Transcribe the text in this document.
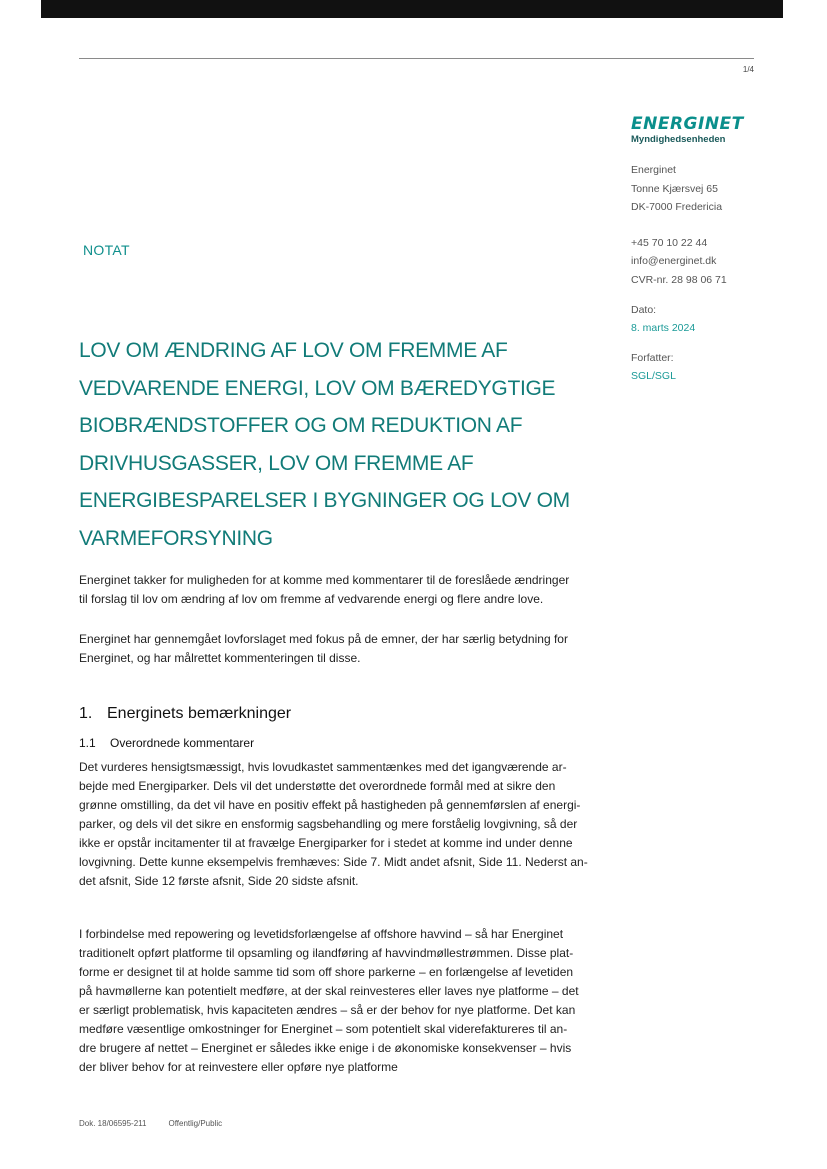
1/4
ENERGINET
Myndighedsenheden
Energinet
Tonne Kjærsvej 65
DK-7000 Fredericia
+45 70 10 22 44
info@energinet.dk
CVR-nr. 28 98 06 71
Dato:
8. marts 2024
Forfatter:
SGL/SGL
NOTAT
LOV OM ÆNDRING AF LOV OM FREMME AF
VEDVARENDE ENERGI, LOV OM BÆREDYGTIGE
BIOBRÆNDSTOFFER OG OM REDUKTION AF
DRIVHUSGASSER, LOV OM FREMME AF
ENERGIBESPARELSER I BYGNINGER OG LOV OM
VARMEFORSYNING
Energinet takker for muligheden for at komme med kommentarer til de foreslåede ændringer
til forslag til lov om ændring af lov om fremme af vedvarende energi og flere andre love.
Energinet har gennemgået lovforslaget med fokus på de emner, der har særlig betydning for
Energinet, og har målrettet kommenteringen til disse.
1. Energinets bemærkninger
1.1 Overordnede kommentarer
Det vurderes hensigtsmæssigt, hvis lovudkastet sammentænkes med det igangværende ar-
bejde med Energiparker. Dels vil det understøtte det overordnede formål med at sikre den
grønne omstilling, da det vil have en positiv effekt på hastigheden på gennemførslen af energi-
parker, og dels vil det sikre en ensformig sagsbehandling og mere forståelig lovgivning, så der
ikke er opstår incitamenter til at fravælge Energiparker for i stedet at komme ind under denne
lovgivning. Dette kunne eksempelvis fremhæves: Side 7. Midt andet afsnit, Side 11. Nederst an-
det afsnit, Side 12 første afsnit, Side 20 sidste afsnit.
I forbindelse med repowering og levetidsforlængelse af offshore havvind – så har Energinet
traditionelt opført platforme til opsamling og ilandføring af havvindmøllestrømmen. Disse plat-
forme er designet til at holde samme tid som off shore parkerne – en forlængelse af levetiden
på havmøllerne kan potentielt medføre, at der skal reinvesteres eller laves nye platforme – det
er særligt problematisk, hvis kapaciteten ændres – så er der behov for nye platforme. Det kan
medføre væsentlige omkostninger for Energinet – som potentielt skal viderefaktureres til an-
dre brugere af nettet – Energinet er således ikke enige i de økonomiske konsekvenser – hvis
der bliver behov for at reinvestere eller opføre nye platforme
Dok. 18/06595-211	Offentlig/Public
